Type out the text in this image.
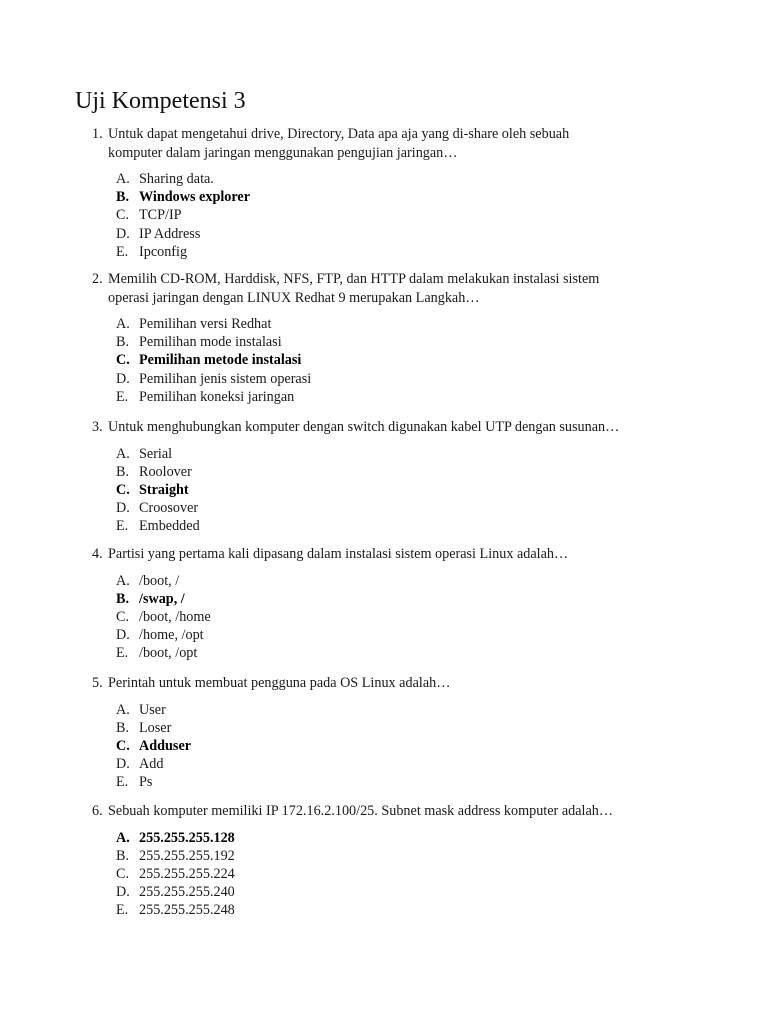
Uji Kompetensi 3
1. Untuk dapat mengetahui drive, Directory, Data apa aja yang di-share oleh sebuah
komputer dalam jaringan menggunakan pengujian jaringan…
A. Sharing data.
B. Windows explorer
C. TCP/IP
D. IP Address
E. Ipconfig
2. Memilih CD-ROM, Harddisk, NFS, FTP, dan HTTP dalam melakukan instalasi sistem
operasi jaringan dengan LINUX Redhat 9 merupakan Langkah…
A. Pemilihan versi Redhat
B. Pemilihan mode instalasi
C. Pemilihan metode instalasi
D. Pemilihan jenis sistem operasi
E. Pemilihan koneksi jaringan
3. Untuk menghubungkan komputer dengan switch digunakan kabel UTP dengan susunan…
A. Serial
B. Roolover
C. Straight
D. Croosover
E. Embedded
4. Partisi yang pertama kali dipasang dalam instalasi sistem operasi Linux adalah…
A. /boot, /
B. /swap, /
C. /boot, /home
D. /home, /opt
E. /boot, /opt
5. Perintah untuk membuat pengguna pada OS Linux adalah…
A. User
B. Loser
C. Adduser
D. Add
E. Ps
6. Sebuah komputer memiliki IP 172.16.2.100/25. Subnet mask address komputer adalah…
A. 255.255.255.128
B. 255.255.255.192
C. 255.255.255.224
D. 255.255.255.240
E. 255.255.255.248
